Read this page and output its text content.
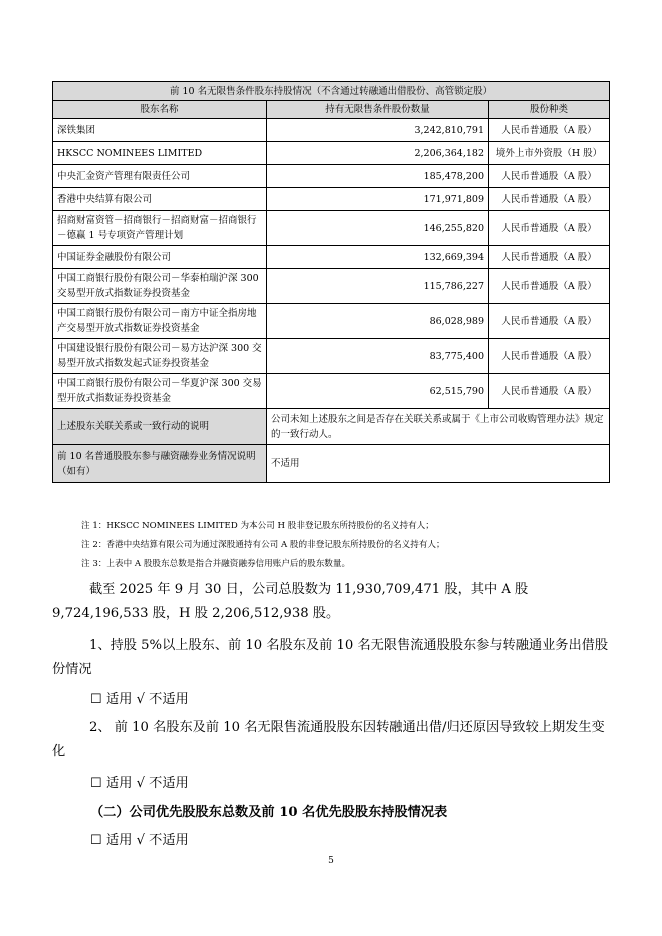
前 10 名无限售条件股东持股情况（不含通过转融通出借股份、高管锁定股）		
股东名称	持有无限售条件股份数量	股份种类
深铁集团	3,242,810,791	人民币普通股（A 股）
HKSCC NOMINEES LIMITED	2,206,364,182	境外上市外资股（H 股）
中央汇金资产管理有限责任公司	185,478,200	人民币普通股（A 股）
香港中央结算有限公司	171,971,809	人民币普通股（A 股）
招商财富资管－招商银行－招商财富－招商银行－德赢 1 号专项资产管理计划	146,255,820	人民币普通股（A 股）
中国证券金融股份有限公司	132,669,394	人民币普通股（A 股）
中国工商银行股份有限公司－华泰柏瑞沪深 300 交易型开放式指数证券投资基金	115,786,227	人民币普通股（A 股）
中国工商银行股份有限公司－南方中证全指房地产交易型开放式指数证券投资基金	86,028,989	人民币普通股（A 股）
中国建设银行股份有限公司－易方达沪深 300 交易型开放式指数发起式证券投资基金	83,775,400	人民币普通股（A 股）
中国工商银行股份有限公司－华夏沪深 300 交易型开放式指数证券投资基金	62,515,790	人民币普通股（A 股）
上述股东关联关系或一致行动的说明	公司未知上述股东之间是否存在关联关系或属于《上市公司收购管理办法》规定的一致行动人。	
前 10 名普通股股东参与融资融券业务情况说明（如有）	不适用	
注 1：HKSCC NOMINEES LIMITED 为本公司 H 股非登记股东所持股份的名义持有人；
注 2：香港中央结算有限公司为通过深股通持有公司 A 股的非登记股东所持股份的名义持有人；
注 3：上表中 A 股股东总数是指合并融资融券信用账户后的股东数量。
截至 2025 年 9 月 30 日，公司总股数为 11,930,709,471 股，其中 A 股 9,724,196,533 股，H 股 2,206,512,938 股。
1、持股 5%以上股东、前 10 名股东及前 10 名无限售流通股股东参与转融通业务出借股份情况
☐ 适用 √ 不适用
2、 前 10 名股东及前 10 名无限售流通股股东因转融通出借/归还原因导致较上期发生变化
☐ 适用 √ 不适用
（二）公司优先股股东总数及前 10 名优先股股东持股情况表
☐ 适用 √ 不适用
5
